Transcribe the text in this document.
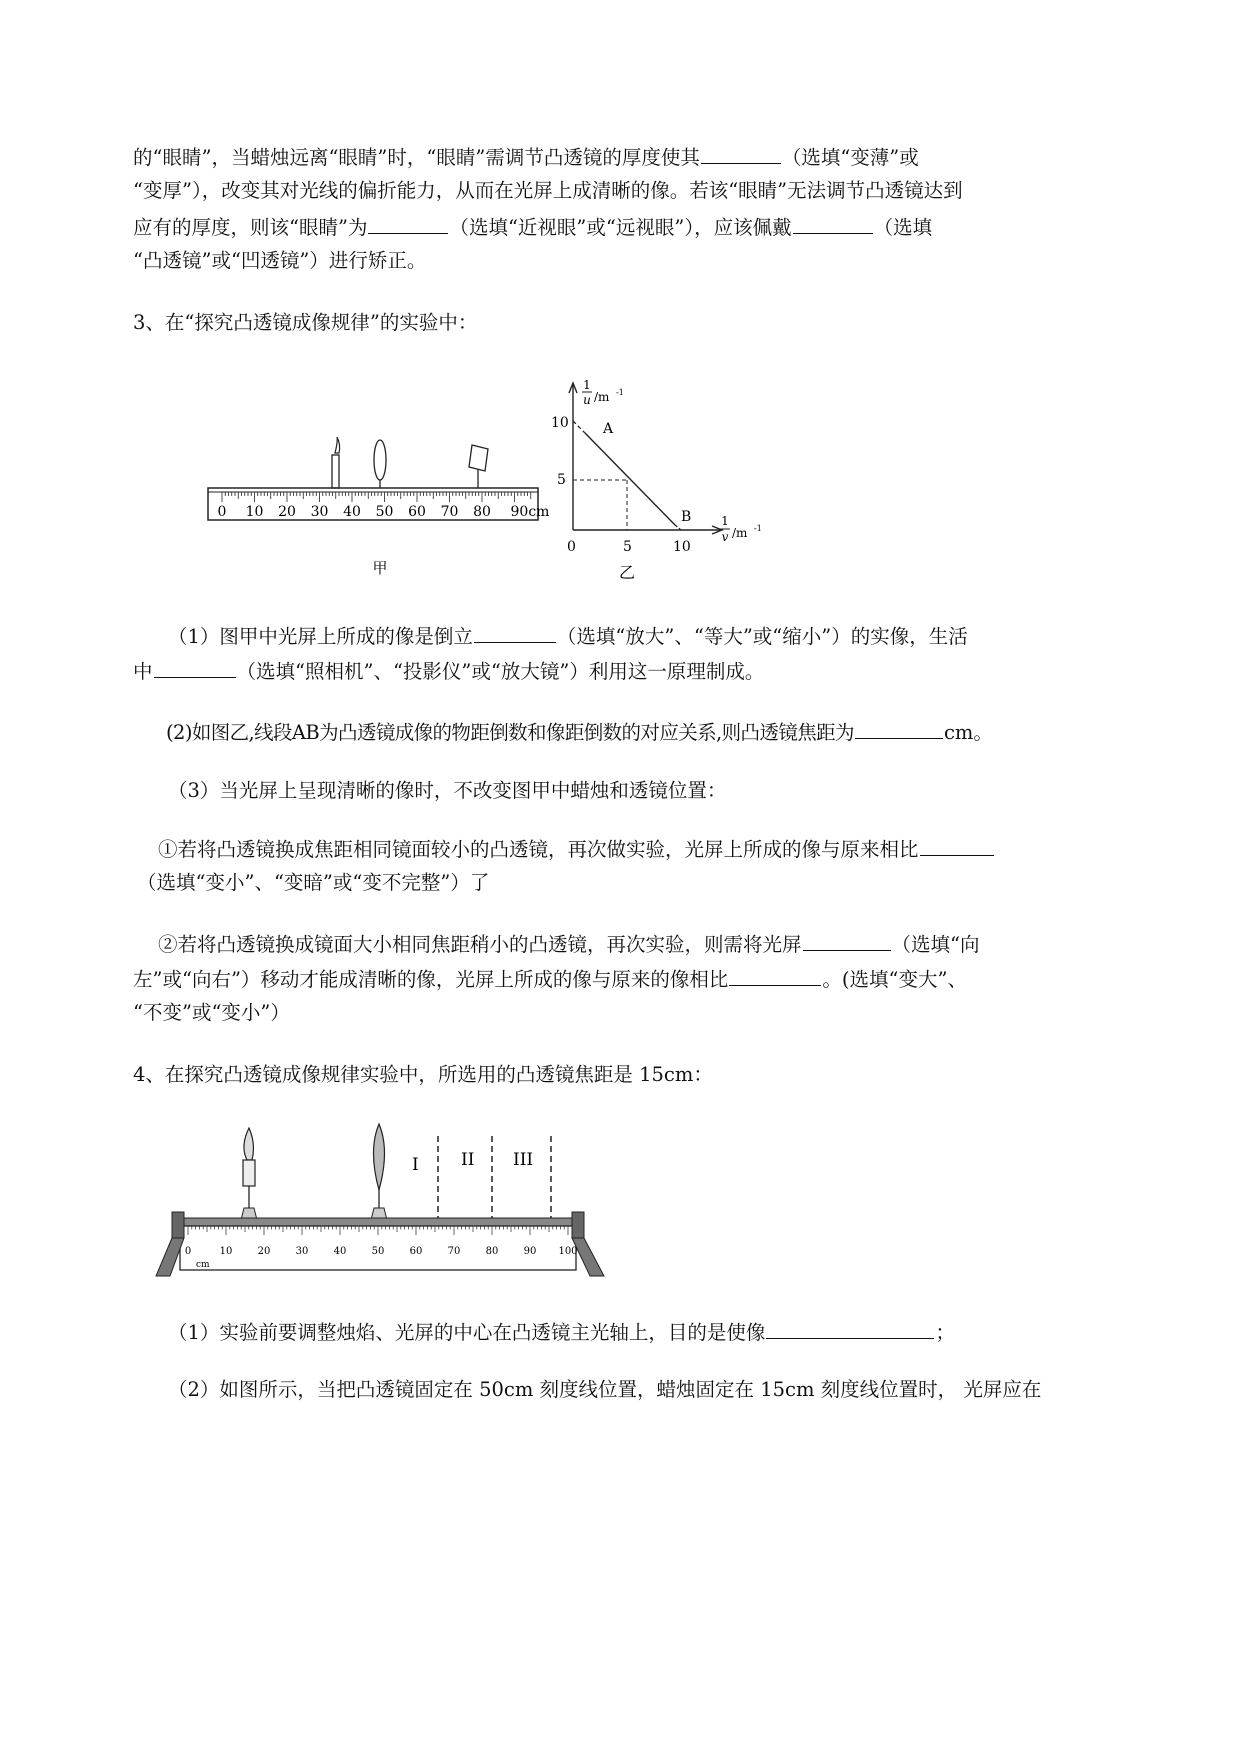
的“眼睛”，当蜡烛远离“眼睛”时，“眼睛”需调节凸透镜的厚度使其	（选填“变薄”或
“变厚”），改变其对光线的偏折能力，从而在光屏上成清晰的像。若该“眼睛”无法调节凸透镜达到
应有的厚度，则该“眼睛”为	（选填“近视眼”或“远视眼”），应该佩戴	（选填
“凸透镜”或“凹透镜”）进行矫正。
3、在“探究凸透镜成像规律”的实验中：
0 10 20 30 40 50 60 70 80 90cm
甲
1
u /m -1
1
v /m -1
10
5
0	5	10
A
B
乙
（1）图甲中光屏上所成的像是倒立	（选填“放大”、“等大”或“缩小”）的实像，生活
中	（选填“照相机”、“投影仪”或“放大镜”）利用这一原理制成。
(2)如图乙,线段AB为凸透镜成像的物距倒数和像距倒数的对应关系,则凸透镜焦距为	cm。
（3）当光屏上呈现清晰的像时，不改变图甲中蜡烛和透镜位置：
①若将凸透镜换成焦距相同镜面较小的凸透镜，再次做实验，光屏上所成的像与原来相比
（选填“变小”、“变暗”或“变不完整”）了
②若将凸透镜换成镜面大小相同焦距稍小的凸透镜，再次实验，则需将光屏	（选填“向
左”或“向右”）移动才能成清晰的像，光屏上所成的像与原来的像相比	。(选填“变大”、
“不变”或“变小”）
4、在探究凸透镜成像规律实验中，所选用的凸透镜焦距是 15cm：
I II III
0	10	20	30	40	50	60	70	80	90 100
cm
（1）实验前要调整烛焰、光屏的中心在凸透镜主光轴上，目的是使像	；
（2）如图所示，当把凸透镜固定在 50cm 刻度线位置，蜡烛固定在 15cm 刻度线位置时， 光屏应在
